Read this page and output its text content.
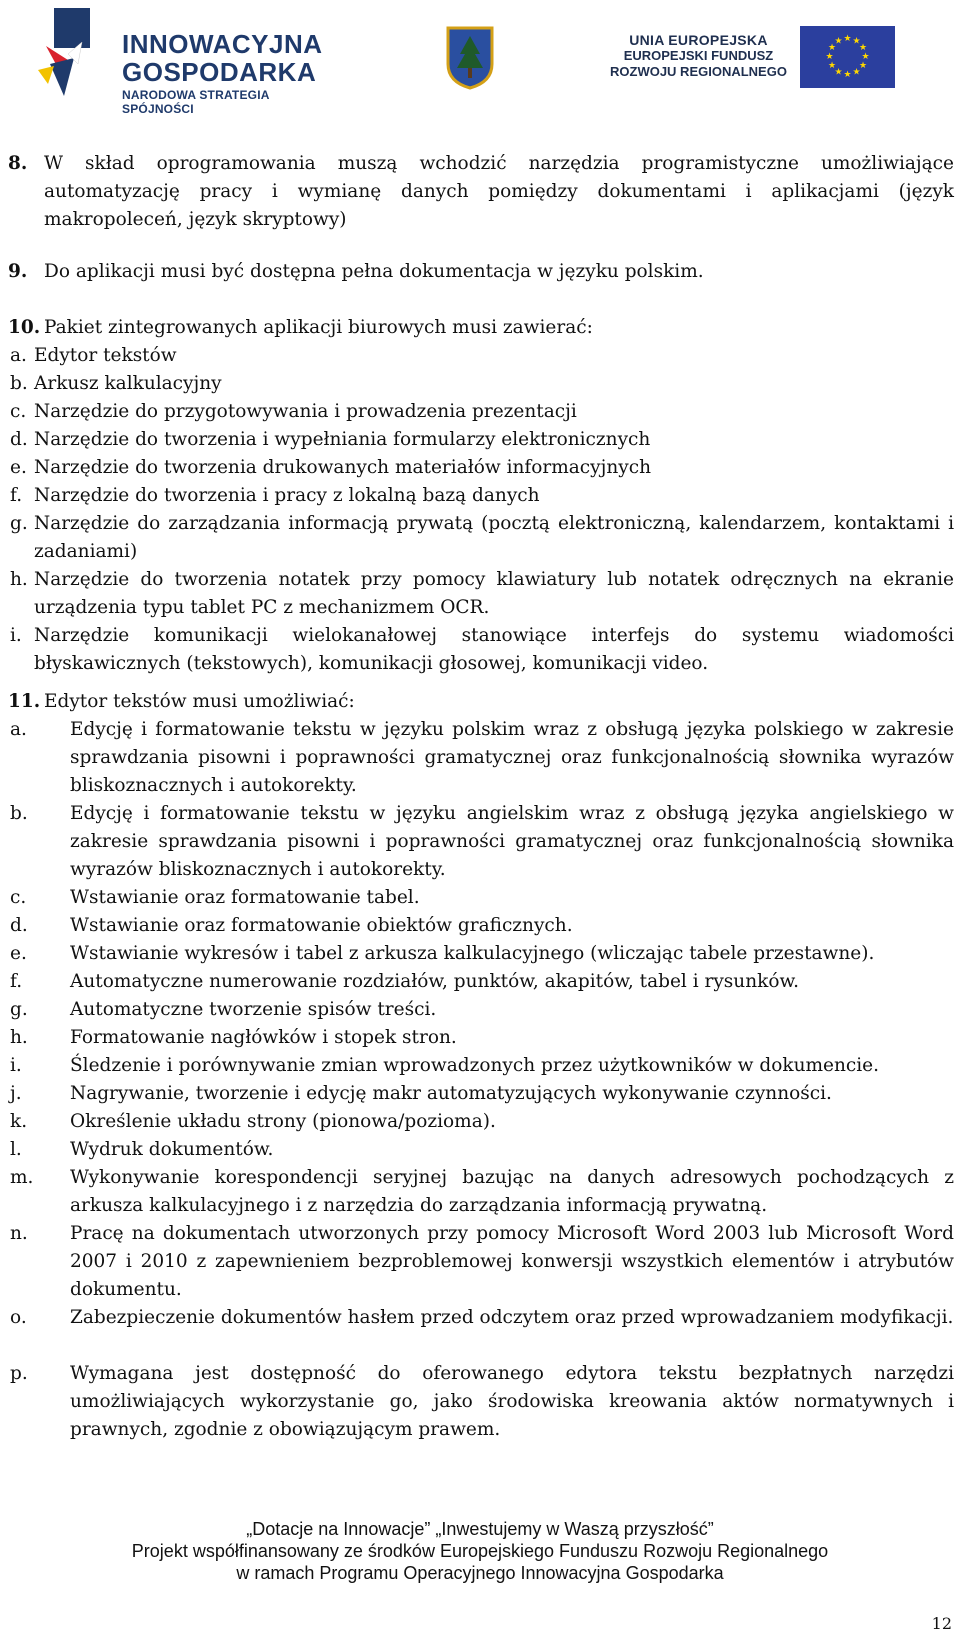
INNOWACYJNA
GOSPODARKA
NARODOWA STRATEGIA SPÓJNOŚCI
UNIA EUROPEJSKA
EUROPEJSKI FUNDUSZ
ROZWOJU REGIONALNEGO
★ ★
★
★
★
★
★
★
★
★
★
★
8. W skład oprogramowania muszą wchodzić narzędzia programistyczne umożliwiające automatyzację pracy i wymianę danych pomiędzy dokumentami i aplikacjami (język makropoleceń, język skryptowy)
9. Do aplikacji musi być dostępna pełna dokumentacja w języku polskim.
10. Pakiet zintegrowanych aplikacji biurowych musi zawierać:
a. Edytor tekstów
b. Arkusz kalkulacyjny
c. Narzędzie do przygotowywania i prowadzenia prezentacji
d. Narzędzie do tworzenia i wypełniania formularzy elektronicznych
e. Narzędzie do tworzenia drukowanych materiałów informacyjnych
f. Narzędzie do tworzenia i pracy z lokalną bazą danych
g. Narzędzie do zarządzania informacją prywatą (pocztą elektroniczną, kalendarzem, kontaktami i zadaniami)
h. Narzędzie do tworzenia notatek przy pomocy klawiatury lub notatek odręcznych na ekranie urządzenia typu tablet PC z mechanizmem OCR.
i. Narzędzie komunikacji wielokanałowej stanowiące interfejs do systemu wiadomości błyskawicznych (tekstowych), komunikacji głosowej, komunikacji video.
11. Edytor tekstów musi umożliwiać:
a. Edycję i formatowanie tekstu w języku polskim wraz z obsługą języka polskiego w zakresie sprawdzania pisowni i poprawności gramatycznej oraz funkcjonalnością słownika wyrazów bliskoznacznych i autokorekty.
b. Edycję i formatowanie tekstu w języku angielskim wraz z obsługą języka angielskiego w zakresie sprawdzania pisowni i poprawności gramatycznej oraz funkcjonalnością słownika wyrazów bliskoznacznych i autokorekty.
c. Wstawianie oraz formatowanie tabel.
d. Wstawianie oraz formatowanie obiektów graficznych.
e. Wstawianie wykresów i tabel z arkusza kalkulacyjnego (wliczając tabele przestawne).
f.	Automatyczne numerowanie rozdziałów, punktów, akapitów, tabel i rysunków.
g. Automatyczne tworzenie spisów treści.
h. Formatowanie nagłówków i stopek stron.
i.	Śledzenie i porównywanie zmian wprowadzonych przez użytkowników w dokumencie.
j.	Nagrywanie, tworzenie i edycję makr automatyzujących wykonywanie czynności.
k. Określenie układu strony (pionowa/pozioma).
l.	Wydruk dokumentów.
m. Wykonywanie korespondencji seryjnej bazując na danych adresowych pochodzących z arkusza kalkulacyjnego i z narzędzia do zarządzania informacją prywatną.
n. Pracę na dokumentach utworzonych przy pomocy Microsoft Word 2003 lub Microsoft Word 2007 i 2010 z zapewnieniem bezproblemowej konwersji wszystkich elementów i atrybutów dokumentu.
o. Zabezpieczenie dokumentów hasłem przed odczytem oraz przed wprowadzaniem modyfikacji.
p. Wymagana jest dostępność do oferowanego edytora tekstu bezpłatnych narzędzi umożliwiających wykorzystanie go, jako środowiska kreowania aktów normatywnych i prawnych, zgodnie z obowiązującym prawem.
„Dotacje na Innowacje” „Inwestujemy w Waszą przyszłość”
Projekt współfinansowany ze środków Europejskiego Funduszu Rozwoju Regionalnego
w ramach Programu Operacyjnego Innowacyjna Gospodarka
12
